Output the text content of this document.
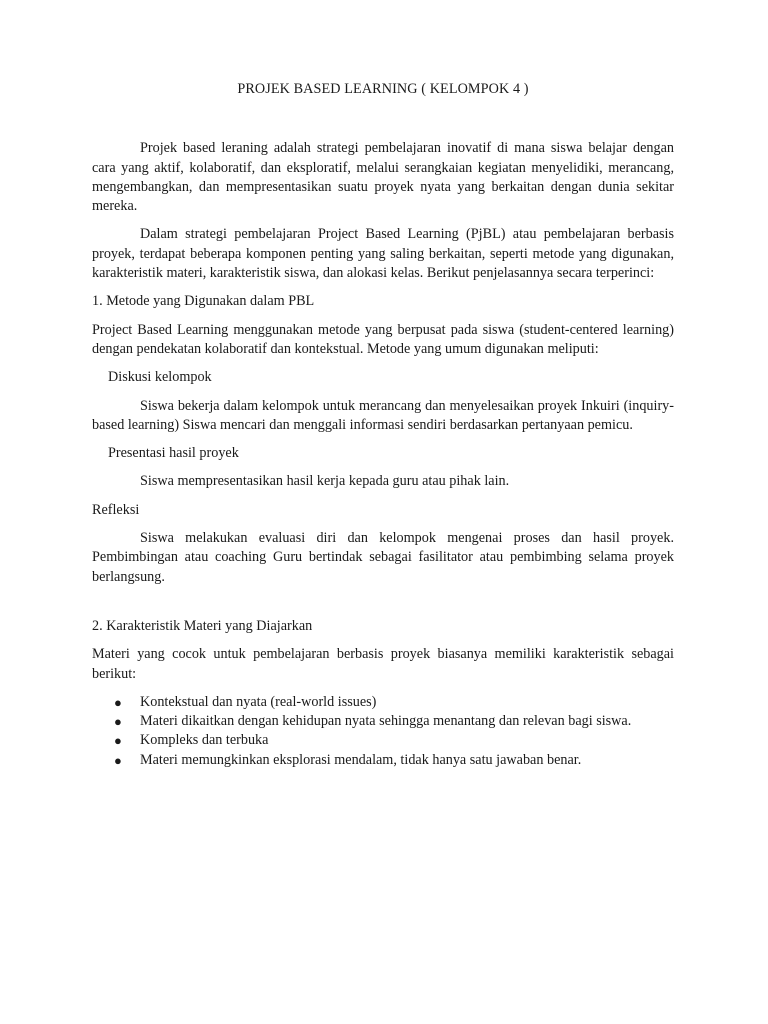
PROJEK BASED LEARNING ( KELOMPOK 4 )

Projek based leraning adalah strategi pembelajaran inovatif di mana siswa belajar dengan cara yang aktif, kolaboratif, dan eksploratif, melalui serangkaian kegiatan menyelidiki, merancang, mengembangkan, dan mempresentasikan suatu proyek nyata yang berkaitan dengan dunia sekitar mereka.

Dalam strategi pembelajaran Project Based Learning (PjBL) atau pembelajaran berbasis proyek, terdapat beberapa komponen penting yang saling berkaitan, seperti metode yang digunakan, karakteristik materi, karakteristik siswa, dan alokasi kelas. Berikut penjelasannya secara terperinci:

1. Metode yang Digunakan dalam PBL

Project Based Learning menggunakan metode yang berpusat pada siswa (student-centered learning) dengan pendekatan kolaboratif dan kontekstual. Metode yang umum digunakan meliputi:

Diskusi kelompok

Siswa bekerja dalam kelompok untuk merancang dan menyelesaikan proyek Inkuiri (inquiry-based learning) Siswa mencari dan menggali informasi sendiri berdasarkan pertanyaan pemicu.

Presentasi hasil proyek

Siswa mempresentasikan hasil kerja kepada guru atau pihak lain.

Refleksi

Siswa melakukan evaluasi diri dan kelompok mengenai proses dan hasil proyek. Pembimbingan atau coaching Guru bertindak sebagai fasilitator atau pembimbing selama proyek berlangsung.

2. Karakteristik Materi yang Diajarkan

Materi yang cocok untuk pembelajaran berbasis proyek biasanya memiliki karakteristik sebagai berikut:

● Kontekstual dan nyata (real-world issues)
● Materi dikaitkan dengan kehidupan nyata sehingga menantang dan relevan bagi siswa.
● Kompleks dan terbuka
● Materi memungkinkan eksplorasi mendalam, tidak hanya satu jawaban benar.
